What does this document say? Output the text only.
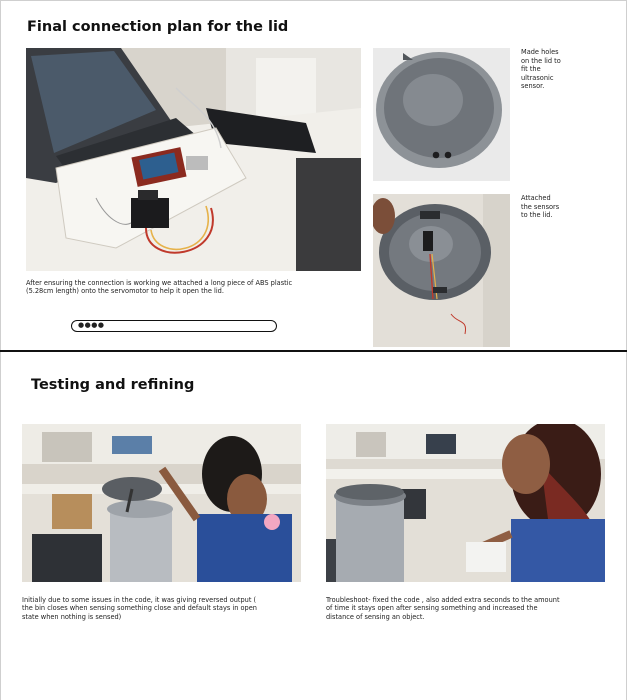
Final connection plan for the lid
Made holes
on the lid to
fit the
ultrasonic
sensor.
Attached
the sensors
to the lid.
After ensuring the connection is working we attached a long piece of ABS plastic
(5.28cm length) onto the servomotor to help it open the lid.
●●●●
Testing and refining
Initially due to some issues in the code, it was giving reversed output (
the bin closes when sensing something close and default stays in open
state when nothing is sensed)
Troubleshoot- fixed the code , also added extra seconds to the amount
of time it stays open after sensing something and increased the
distance of sensing an object.
